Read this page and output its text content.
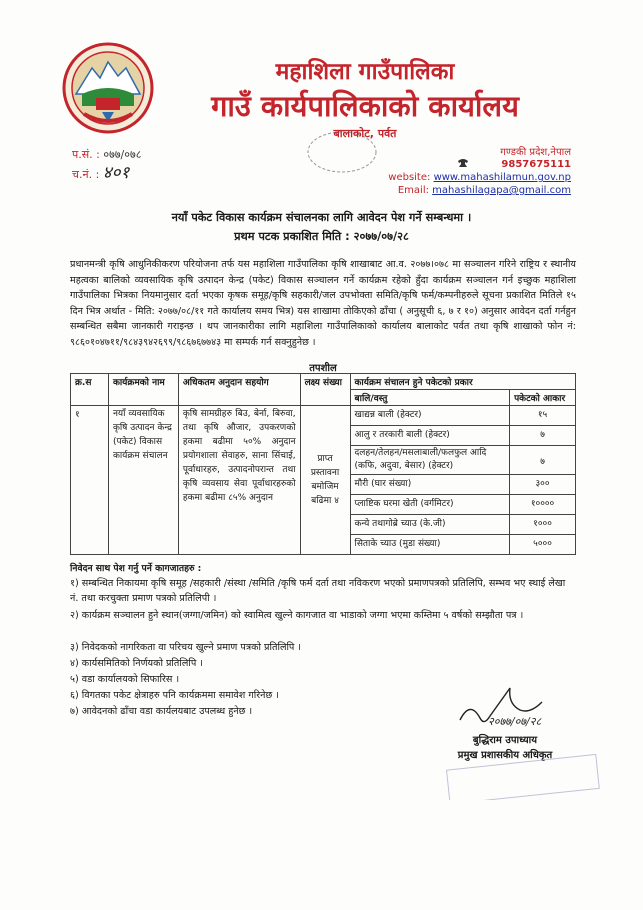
महाशिला गाउँपालिका
गाउँ कार्यपालिकाको कार्यालय
बालाकोट, पर्वत
प.सं. : ०७७/०७८
च.नं. : ४०१
गण्डकी प्रदेश,नेपाल
9857675111
website: www.mahashilamun.gov.np
Email: mahashilagapa@gmail.com
नयाँ पकेट विकास कार्यक्रम संचालनका लागि आवेदन पेश गर्ने सम्बन्धमा ।
प्रथम पटक प्रकाशित मिति : २०७७/०७/२८
प्रधानमन्त्री कृषि आधुनिकीकरण परियोजना तर्फ यस महाशिला गाउँपालिका कृषि शाखाबाट आ.व. २०७७।०७८ मा सञ्चालन गरिने राष्ट्रिय र स्थानीय महत्वका बालिको व्यवसायिक कृषि उत्पादन केन्द्र (पकेट) विकास सञ्चालन गर्ने कार्यक्रम रहेको हुँदा कार्यक्रम सञ्चालन गर्न इच्छुक महाशिला गाउँपालिका भित्रका नियमानुसार दर्ता भएका कृषक समूह/कृषि सहकारी/जल उपभोक्ता समिति/कृषि फर्म/कम्पनीहरुले सूचना प्रकाशित मितिले १५ दिन भित्र अर्थात - मिति: २०७७/०८/११ गते कार्यालय समय भित्र) यस शाखामा तोकिएको ढाँचा ( अनुसूची ६, ७ र १०) अनुसार आवेदन दर्ता गर्नहुन सम्बन्धित सबैमा जानकारी गराइन्छ । थप जानकारीका लागि महाशिला गाउँपालिकाको कार्यालय बालाकोट पर्वत तथा कृषि शाखाको फोन नं: ९८६०१०४७११/९८४३९४२६९९/९८६७६७७४३ मा सम्पर्क गर्न सक्नुहुनेछ ।
तपशील
क्र.स	कार्यक्रमको नाम	अधिकतम अनुदान सहयोग	लक्ष्य संख्या	कार्यक्रम संचालन हुने पकेटको प्रकार	
				बालि/वस्तु	पकेटको आकार
१	नयाँ व्यवसायिक कृषि उत्पादन केन्द्र (पकेट) विकास कार्यक्रम संचालन	कृषि सामग्रीहरु बिउ, बेर्ना, बिरुवा, तथा कृषि औजार, उपकरणको हकमा बढीमा ५०% अनुदान प्रयोगशाला सेवाहरु, साना सिंचाई, पूर्वाधारहरु, उत्पादनोपरान्त तथा कृषि व्यवसाय सेवा पूर्वाधारहरुको हकमा बढीमा ८५% अनुदान	प्राप्त प्रस्तावना बमोजिम बढिमा ४	खाद्यन्न बाली (हेक्टर)	१५
				आलु र तरकारी बाली (हेक्टर)	७
				दलहन/तेलहन/मसलाबाली/फलफुल आदि (कफि, अदुवा, बेसार) (हेक्टर)	७
				मौरी (घार संख्या)	३००
				प्लाष्टिक घरमा खेती (वर्गमिटर)	१००००
				कन्ये तथागोब्रे च्याउ (के.जी)	१०००
				सिताके च्याउ (मुडा संख्या)	५०००
निवेदन साथ पेश गर्नु पर्ने कागजातहरु :
१) सम्बन्धित निकायमा कृषि समूह /सहकारी /संस्था /समिति /कृषि फर्म दर्ता तथा नविकरण भएको प्रमाणपत्रको प्रतिलिपि, सम्भव भए स्थाई लेखा नं. तथा करचुक्ता प्रमाण पत्रको प्रतिलिपी ।
२) कार्यक्रम सञ्चालन हुने स्थान(जग्गा/जमिन) को स्वामित्व खुल्ने कागजात वा भाडाको जग्गा भएमा कम्तिमा ५ वर्षको सम्झौता पत्र ।
३) निवेदकको नागरिकता वा परिचय खुल्ने प्रमाण पत्रको प्रतिलिपि ।
४) कार्यसमितिको निर्णयको प्रतिलिपि ।
५) वडा कार्यालयको सिफारिस ।
६) विगतका पकेट क्षेत्राहरु पनि कार्यक्रममा समावेश गरिनेछ ।
७) आवेदनको ढाँचा वडा कार्यलयबाट उपलब्ध हुनेछ ।
२०७७/०७/२८
बुद्धिराम उपाध्याय
प्रमुख प्रशासकीय अधिकृत
